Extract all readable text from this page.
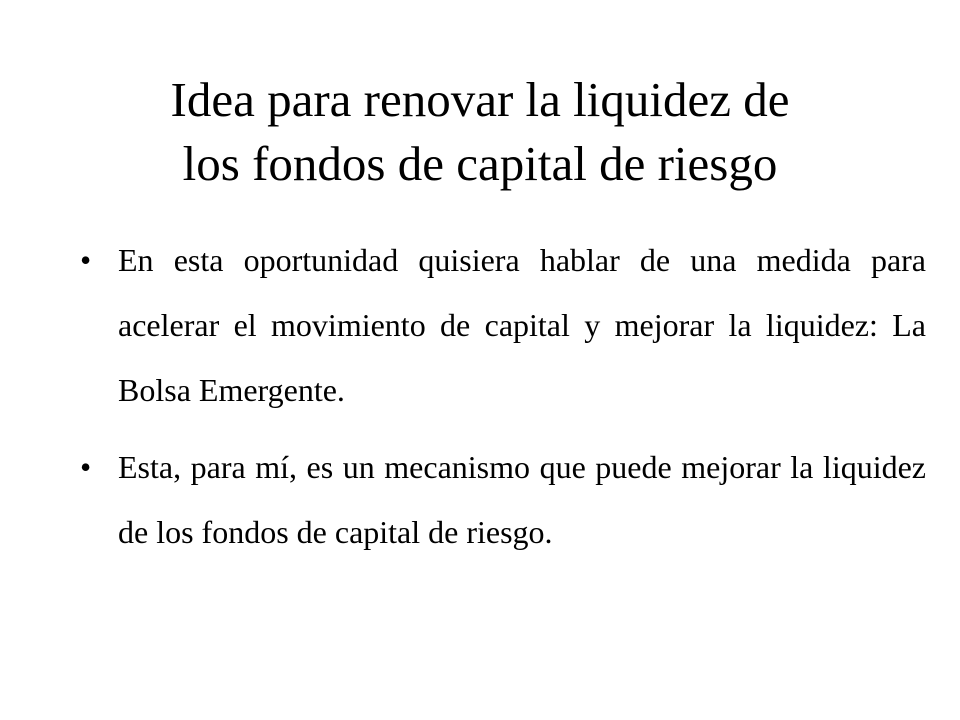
Idea para renovar la liquidez de
los fondos de capital de riesgo
• En esta oportunidad quisiera hablar de una medida para acelerar el movimiento de capital y mejorar la liquidez: La Bolsa Emergente.
• Esta, para mí, es un mecanismo que puede mejorar la liquidez de los fondos de capital de riesgo.
